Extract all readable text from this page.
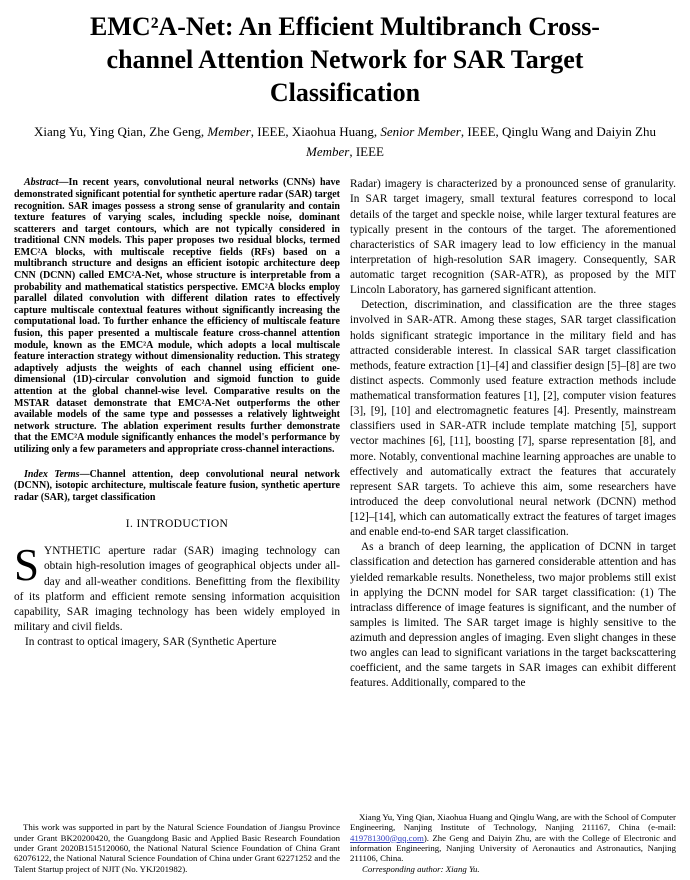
EMC²A-Net: An Efficient Multibranch Cross-channel Attention Network for SAR Target Classification
Xiang Yu, Ying Qian, Zhe Geng, Member, IEEE, Xiaohua Huang, Senior Member, IEEE, Qinglu Wang and Daiyin Zhu Member, IEEE

Abstract—In recent years, convolutional neural networks (CNNs) have demonstrated significant potential for synthetic aperture radar (SAR) target recognition. SAR images possess a strong sense of granularity and contain texture features of varying scales, including speckle noise, dominant scatterers and target contours, which are not typically considered in traditional CNN models. This paper proposes two residual blocks, termed EMC²A blocks, with multiscale receptive fields (RFs) based on a multibranch structure and designs an efficient isotopic architecture deep CNN (DCNN) called EMC²A-Net, whose structure is interpretable from a probability and mathematical statistics perspective. EMC²A blocks employ parallel dilated convolution with different dilation rates to effectively capture multiscale contextual features without significantly increasing the computational load. To further enhance the efficiency of multiscale feature fusion, this paper presented a multiscale feature cross-channel attention module, known as the EMC²A module, which adopts a local multiscale feature interaction strategy without dimensionality reduction. This strategy adaptively adjusts the weights of each channel using efficient one-dimensional (1D)-circular convolution and sigmoid function to guide attention at the global channel-wise level. Comparative results on the MSTAR dataset demonstrate that EMC²A-Net outperforms the other available models of the same type and possesses a relatively lightweight network structure. The ablation experiment results further demonstrate that the EMC²A module significantly enhances the model's performance by utilizing only a few parameters and appropriate cross-channel interactions.

Index Terms—Channel attention, deep convolutional neural network (DCNN), isotopic architecture, multiscale feature fusion, synthetic aperture radar (SAR), target classification

I. INTRODUCTION

SYNTHETIC aperture radar (SAR) imaging technology can obtain high-resolution images of geographical objects under all-day and all-weather conditions. Benefitting from the flexibility of its platform and efficient remote sensing information acquisition capability, SAR imaging technology has been widely employed in military and civil fields.

In contrast to optical imagery, SAR (Synthetic Aperture

This work was supported in part by the Natural Science Foundation of Jiangsu Province under Grant BK20200420, the Guangdong Basic and Applied Basic Research Foundation under Grant 2020B1515120060, the National Natural Science Foundation of China Grant 62076122, the National Natural Science Foundation of China under Grant 62271252 and the Talent Startup project of NJIT (No. YKJ201982).

Radar) imagery is characterized by a pronounced sense of granularity. In SAR target imagery, small textural features correspond to local details of the target and speckle noise, while larger textural features are typically present in the contours of the target. The aforementioned characteristics of SAR imagery lead to low efficiency in the manual interpretation of high-resolution SAR imagery. Consequently, SAR automatic target recognition (SAR-ATR), as proposed by the MIT Lincoln Laboratory, has garnered significant attention.

Detection, discrimination, and classification are the three stages involved in SAR-ATR. Among these stages, SAR target classification holds significant strategic importance in the military field and has attracted considerable interest. In classical SAR target classification methods, feature extraction [1]–[4] and classifier design [5]–[8] are two distinct aspects. Commonly used feature extraction methods include mathematical transformation features [1], [2], computer vision features [3], [9], [10] and electromagnetic features [4]. Presently, mainstream classifiers used in SAR-ATR include template matching [5], support vector machines [6], [11], boosting [7], sparse representation [8], and more. Notably, conventional machine learning approaches are unable to effectively and automatically extract the features that accurately represent SAR targets. To achieve this aim, some researchers have introduced the deep convolutional neural network (DCNN) method [12]–[14], which can automatically extract the features of target images and enable end-to-end SAR target classification.

As a branch of deep learning, the application of DCNN in target classification and detection has garnered considerable attention and has yielded remarkable results. Nonetheless, two major problems still exist in applying the DCNN model for SAR target classification: (1) The intraclass difference of image features is significant, and the number of samples is limited. The SAR target image is highly sensitive to the azimuth and depression angles of imaging. Even slight changes in these two angles can lead to significant variations in the target backscattering coefficient, and the same targets in SAR images can exhibit different features. Additionally, compared to the

Xiang Yu, Ying Qian, Xiaohua Huang and Qinglu Wang, are with the School of Computer Engineering, Nanjing Institute of Technology, Nanjing 211167, China (e-mail: 419781300@qq.com). Zhe Geng and Daiyin Zhu, are with the College of Electronic and information Engineering, Nanjing University of Aeronautics and Astronautics, Nanjing 211106, China.

Corresponding author: Xiang Yu.
